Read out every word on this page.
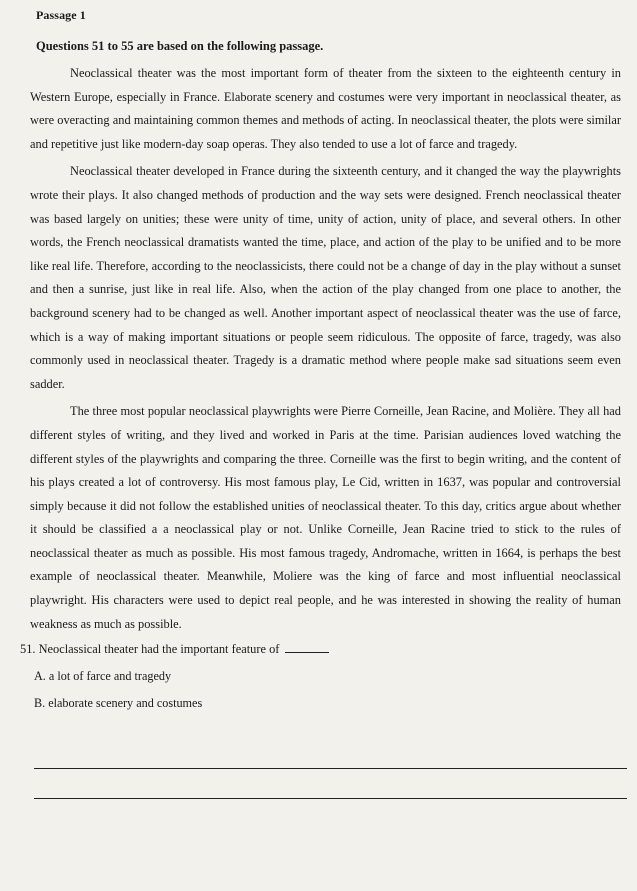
Passage 1
Questions 51 to 55 are based on the following passage.

Neoclassical theater was the most important form of theater from the sixteen to the eighteenth century in Western Europe, especially in France. Elaborate scenery and costumes were very important in neoclassical theater, as were overacting and maintaining common themes and methods of acting. In neoclassical theater, the plots were similar and repetitive just like modern-day soap operas. They also tended to use a lot of farce and tragedy.

Neoclassical theater developed in France during the sixteenth century, and it changed the way the playwrights wrote their plays. It also changed methods of production and the way sets were designed. French neoclassical theater was based largely on unities; these were unity of time, unity of action, unity of place, and several others. In other words, the French neoclassical dramatists wanted the time, place, and action of the play to be unified and to be more like real life. Therefore, according to the neoclassicists, there could not be a change of day in the play without a sunset and then a sunrise, just like in real life. Also, when the action of the play changed from one place to another, the background scenery had to be changed as well. Another important aspect of neoclassical theater was the use of farce, which is a way of making important situations or people seem ridiculous. The opposite of farce, tragedy, was also commonly used in neoclassical theater. Tragedy is a dramatic method where people make sad situations seem even sadder.

The three most popular neoclassical playwrights were Pierre Corneille, Jean Racine, and Molière. They all had different styles of writing, and they lived and worked in Paris at the time. Parisian audiences loved watching the different styles of the playwrights and comparing the three. Corneille was the first to begin writing, and the content of his plays created a lot of controversy. His most famous play, Le Cid, written in 1637, was popular and controversial simply because it did not follow the established unities of neoclassical theater. To this day, critics argue about whether it should be classified a a neoclassical play or not. Unlike Corneille, Jean Racine tried to stick to the rules of neoclassical theater as much as possible. His most famous tragedy, Andromache, written in 1664, is perhaps the best example of neoclassical theater. Meanwhile, Moliere was the king of farce and most influential neoclassical playwright. His characters were used to depict real people, and he was interested in showing the reality of human weakness as much as possible.

51. Neoclassical theater had the important feature of
A. a lot of farce and tragedy
B. elaborate scenery and costumes
